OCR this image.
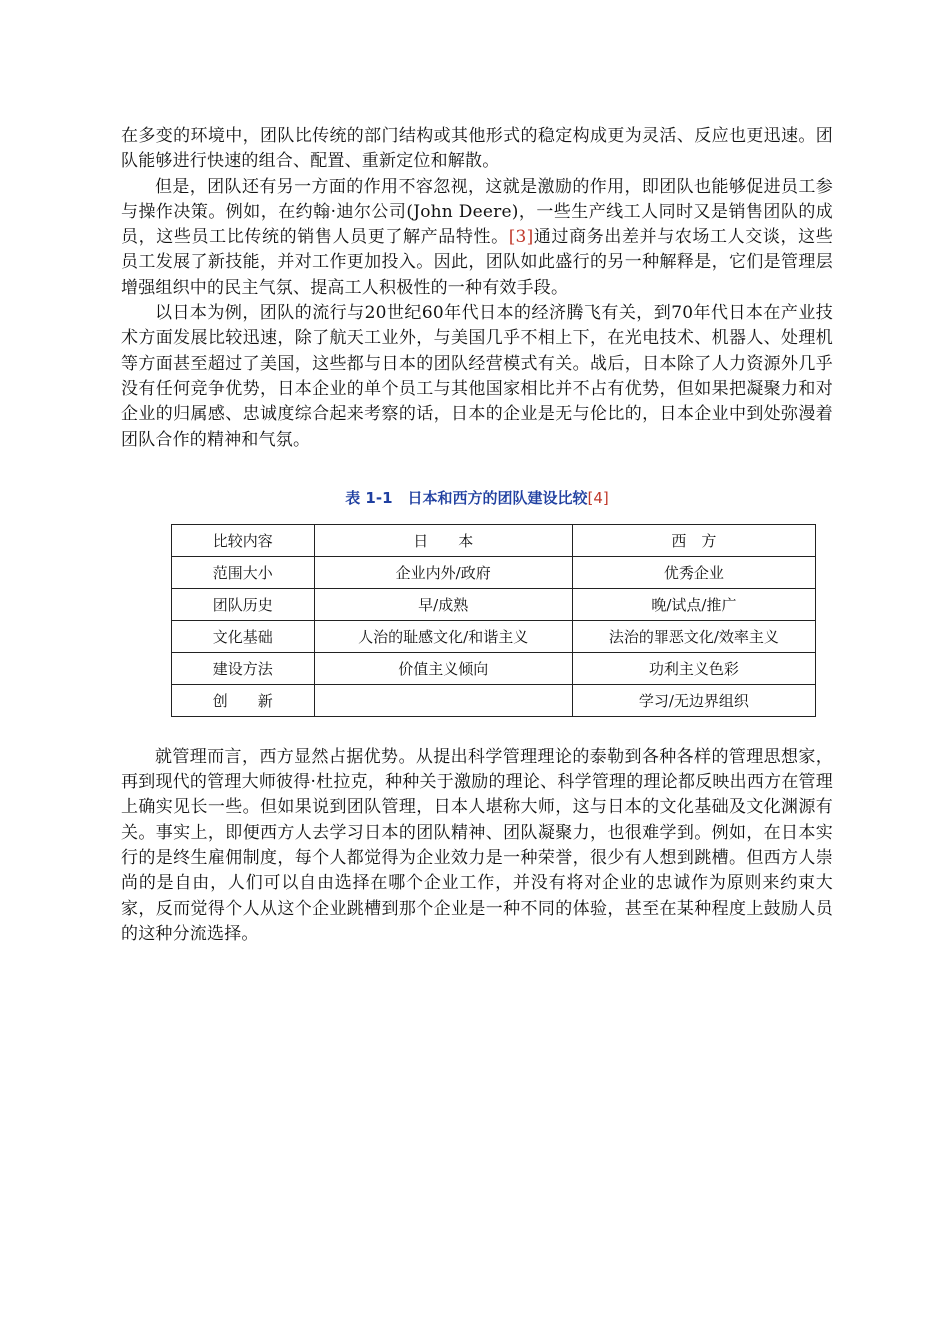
在多变的环境中，团队比传统的部门结构或其他形式的稳定构成更为灵活、反应也更迅速。团队能够进行快速的组合、配置、重新定位和解散。

但是，团队还有另一方面的作用不容忽视，这就是激励的作用，即团队也能够促进员工参与操作决策。例如，在约翰·迪尔公司(John Deere)，一些生产线工人同时又是销售团队的成员，这些员工比传统的销售人员更了解产品特性。[3]通过商务出差并与农场工人交谈，这些员工发展了新技能，并对工作更加投入。因此，团队如此盛行的另一种解释是，它们是管理层增强组织中的民主气氛、提高工人积极性的一种有效手段。

以日本为例，团队的流行与20世纪60年代日本的经济腾飞有关，到70年代日本在产业技术方面发展比较迅速，除了航天工业外，与美国几乎不相上下，在光电技术、机器人、处理机等方面甚至超过了美国，这些都与日本的团队经营模式有关。战后，日本除了人力资源外几乎没有任何竞争优势，日本企业的单个员工与其他国家相比并不占有优势，但如果把凝聚力和对企业的归属感、忠诚度综合起来考察的话，日本的企业是无与伦比的，日本企业中到处弥漫着团队合作的精神和气氛。

表 1-1　日本和西方的团队建设比较[4]
比较内容	日　　本	西　方
范围大小	企业内外/政府	优秀企业
团队历史	早/成熟	晚/试点/推广
文化基础	人治的耻感文化/和谐主义	法治的罪恶文化/效率主义
建设方法	价值主义倾向	功利主义色彩
创　　新		学习/无边界组织

就管理而言，西方显然占据优势。从提出科学管理理论的泰勒到各种各样的管理思想家，再到现代的管理大师彼得·杜拉克，种种关于激励的理论、科学管理的理论都反映出西方在管理上确实见长一些。但如果说到团队管理，日本人堪称大师，这与日本的文化基础及文化渊源有关。事实上，即便西方人去学习日本的团队精神、团队凝聚力，也很难学到。例如，在日本实行的是终生雇佣制度，每个人都觉得为企业效力是一种荣誉，很少有人想到跳槽。但西方人崇尚的是自由，人们可以自由选择在哪个企业工作，并没有将对企业的忠诚作为原则来约束大家，反而觉得个人从这个企业跳槽到那个企业是一种不同的体验，甚至在某种程度上鼓励人员的这种分流选择。
